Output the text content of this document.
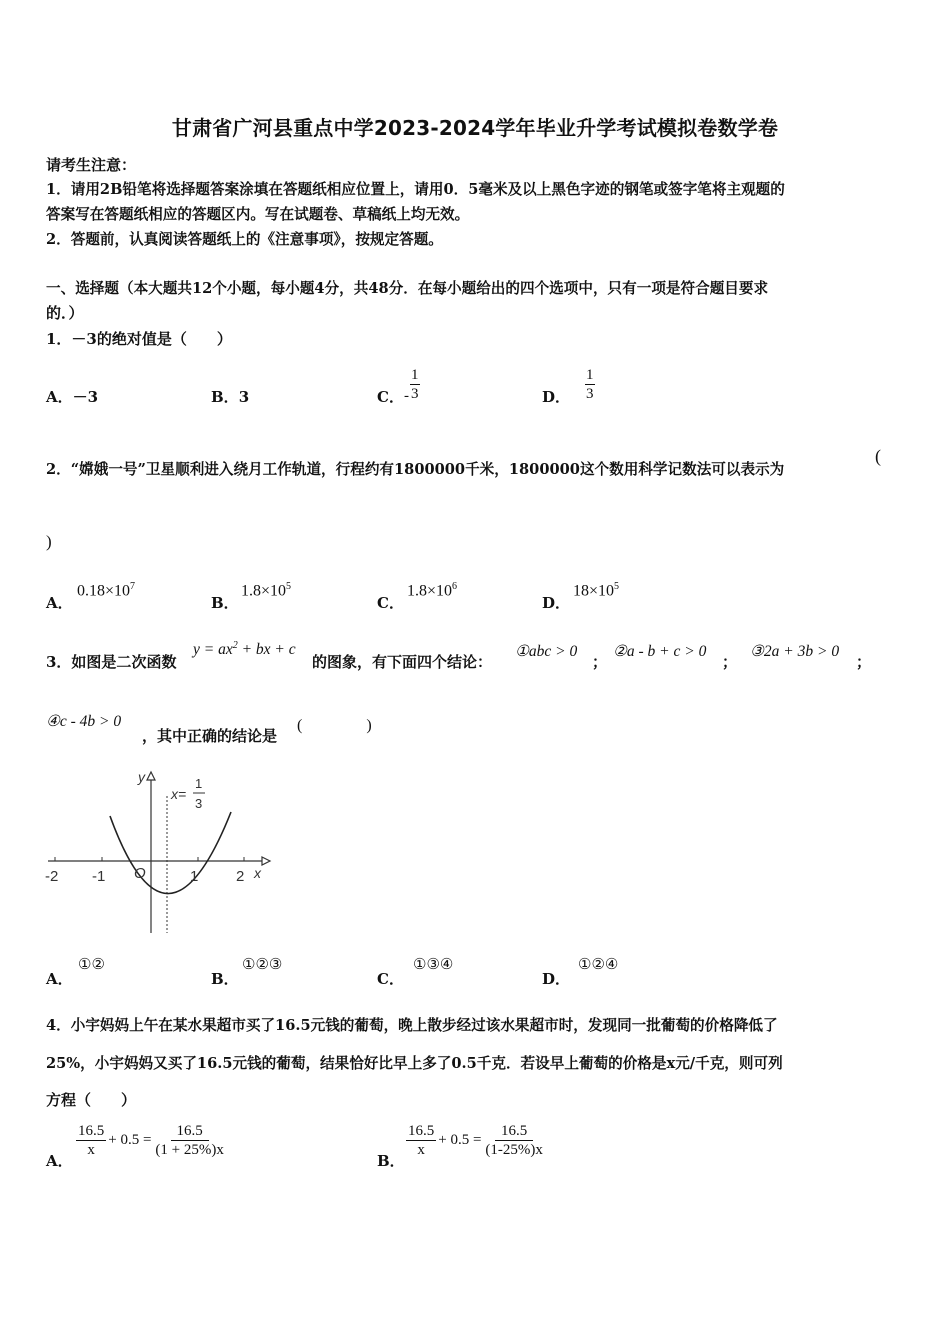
甘肃省广河县重点中学2023-2024学年毕业升学考试模拟卷数学卷
请考生注意：
1．请用2B铅笔将选择题答案涂填在答题纸相应位置上，请用0．5毫米及以上黑色字迹的钢笔或签字笔将主观题的
答案写在答题纸相应的答题区内。写在试题卷、草稿纸上均无效。
2．答题前，认真阅读答题纸上的《注意事项》，按规定答题。
一、选择题（本大题共12个小题，每小题4分，共48分．在每小题给出的四个选项中，只有一项是符合题目要求
的．）
1．－3的绝对值是（　　）
A．－3	B．3	C． - $\frac{1}{3}$	D． $\frac{1}{3}$
2．“嫦娥一号”卫星顺利进入绕月工作轨道，行程约有1800000千米，1800000这个数用科学记数法可以表示为
(
)
A．
$0.18\times 10^7$
B．
$1.8\times 10^5$
C．
$1.8\times 10^6$
D．
$18\times 10^5$
3．如图是二次函数
$y = ax^2$ + bx + c
的图象，有下面四个结论：
①abc > 0
；
②a - b + c > 0
；
③2a + 3b > 0
；
④c - 4b > 0
，其中正确的结论是
(　　　　)
y
x
x=
1
3
-2 -1 O	1	2
A．
①②
B．
①②③
C．
①③④
D．
①②④
4．小宇妈妈上午在某水果超市买了16.5元钱的葡萄，晚上散步经过该水果超市时，发现同一批葡萄的价格降低了
25%，小宇妈妈又买了16.5元钱的葡萄，结果恰好比早上多了0.5千克．若设早上葡萄的价格是x元/千克，则可列
方程（　　）
A．
$\frac{16.5}{x} + 0.5 = \frac{16.5}{(1 + 25\%)x}$
B．
$\frac{16.5}{x} + 0.5 = \frac{16.5}{(1-25\%)x}$
